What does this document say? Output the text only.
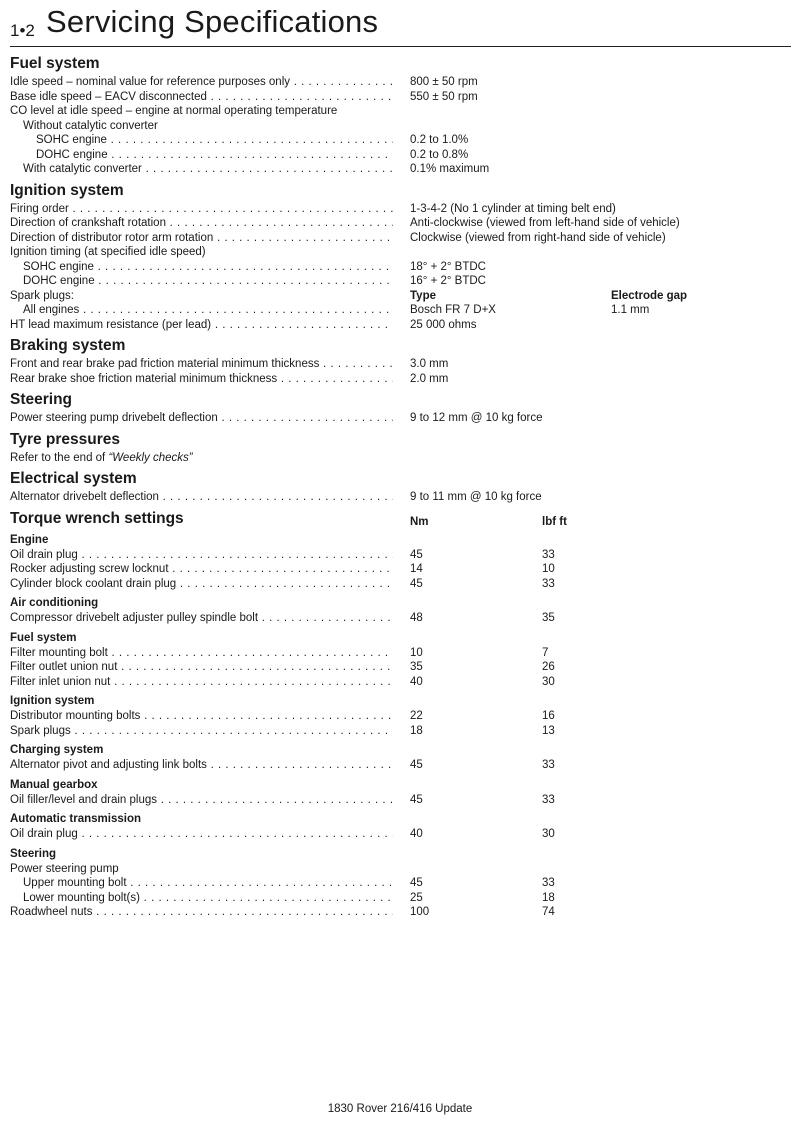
1•2 Servicing Specifications
Fuel system
Idle speed – nominal value for reference purposes only . . .	800 ± 50 rpm
Base idle speed – EACV disconnected . . .	550 ± 50 rpm
CO level at idle speed – engine at normal operating temperature
Without catalytic converter
SOHC engine . . .	0.2 to 1.0%
DOHC engine . . .	0.2 to 0.8%
With catalytic converter . . .	0.1% maximum
Ignition system
Firing order . . .	1-3-4-2 (No 1 cylinder at timing belt end)
Direction of crankshaft rotation . . .	Anti-clockwise (viewed from left-hand side of vehicle)
Direction of distributor rotor arm rotation . . .	Clockwise (viewed from right-hand side of vehicle)
Ignition timing (at specified idle speed)
SOHC engine . . .	18° + 2° BTDC
DOHC engine . . .	16° + 2° BTDC
Spark plugs:	Type	Electrode gap
All engines . . .	Bosch FR 7 D+X	1.1 mm
HT lead maximum resistance (per lead) . . .	25 000 ohms
Braking system
Front and rear brake pad friction material minimum thickness . . .	3.0 mm
Rear brake shoe friction material minimum thickness . . .	2.0 mm
Steering
Power steering pump drivebelt deflection . . .	9 to 12 mm @ 10 kg force
Tyre pressures
Refer to the end of “Weekly checks”
Electrical system
Alternator drivebelt deflection . . .	9 to 11 mm @ 10 kg force
Torque wrench settings	Nm	lbf ft
Engine
Oil drain plug . . .	45	33
Rocker adjusting screw locknut . . .	14	10
Cylinder block coolant drain plug . . .	45	33
Air conditioning
Compressor drivebelt adjuster pulley spindle bolt . . .	48	35
Fuel system
Filter mounting bolt . . .	10	7
Filter outlet union nut . . .	35	26
Filter inlet union nut . . .	40	30
Ignition system
Distributor mounting bolts . . .	22	16
Spark plugs . . .	18	13
Charging system
Alternator pivot and adjusting link bolts . . .	45	33
Manual gearbox
Oil filler/level and drain plugs . . .	45	33
Automatic transmission
Oil drain plug . . .	40	30
Steering
Power steering pump
Upper mounting bolt . . .	45	33
Lower mounting bolt(s) . . .	25	18
Roadwheel nuts . . .	100	74
1830 Rover 216/416 Update
